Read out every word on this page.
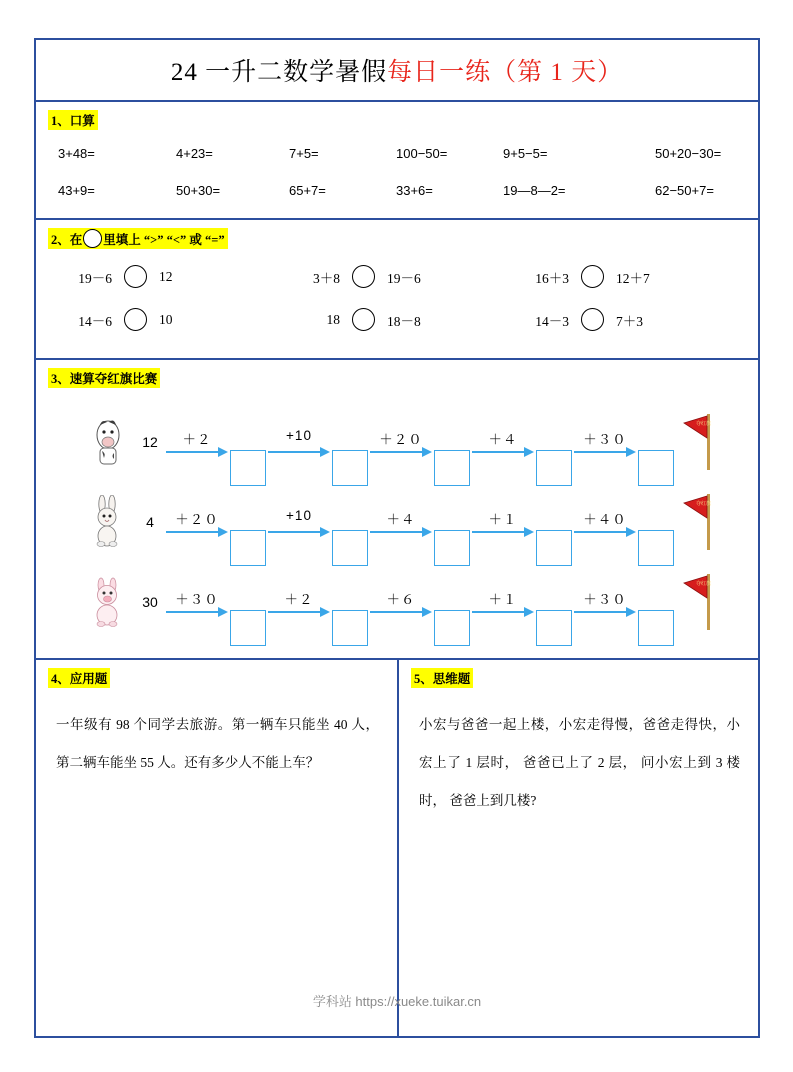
24 一升二数学暑假每日一练（第 1 天）
1、口算
3+48=	4+23=	7+5=	100−50=	9+5−5=	50+20−30=
43+9=	50+30=	65+7=	33+6=	19—8—2=	62−50+7=
2、在 里填上 “>” “<” 或 “=”
19－6	12	3＋8	19－6	16＋3	12＋7
14－6	10	18	18－8	14－3	7＋3
3、速算夺红旗比赛
12	＋２	+10	＋２０	＋４	＋３０
夺红旗
4	＋２０	+10	＋４	＋１	＋４０
夺红旗
30	＋３０	＋２	＋６	＋１	＋３０
夺红旗
4、应用题
一年级有 98 个同学去旅游。第一辆车只能坐 40 人，第二辆车能坐 55 人。还有多少人不能上车？
5、思维题
小宏与爸爸一起上楼，小宏走得慢，爸爸走得快，小宏上了 1 层时， 爸爸已上了 2 层， 问小宏上到 3 楼时， 爸爸上到几楼?
学科站 https://xueke.tuikar.cn
